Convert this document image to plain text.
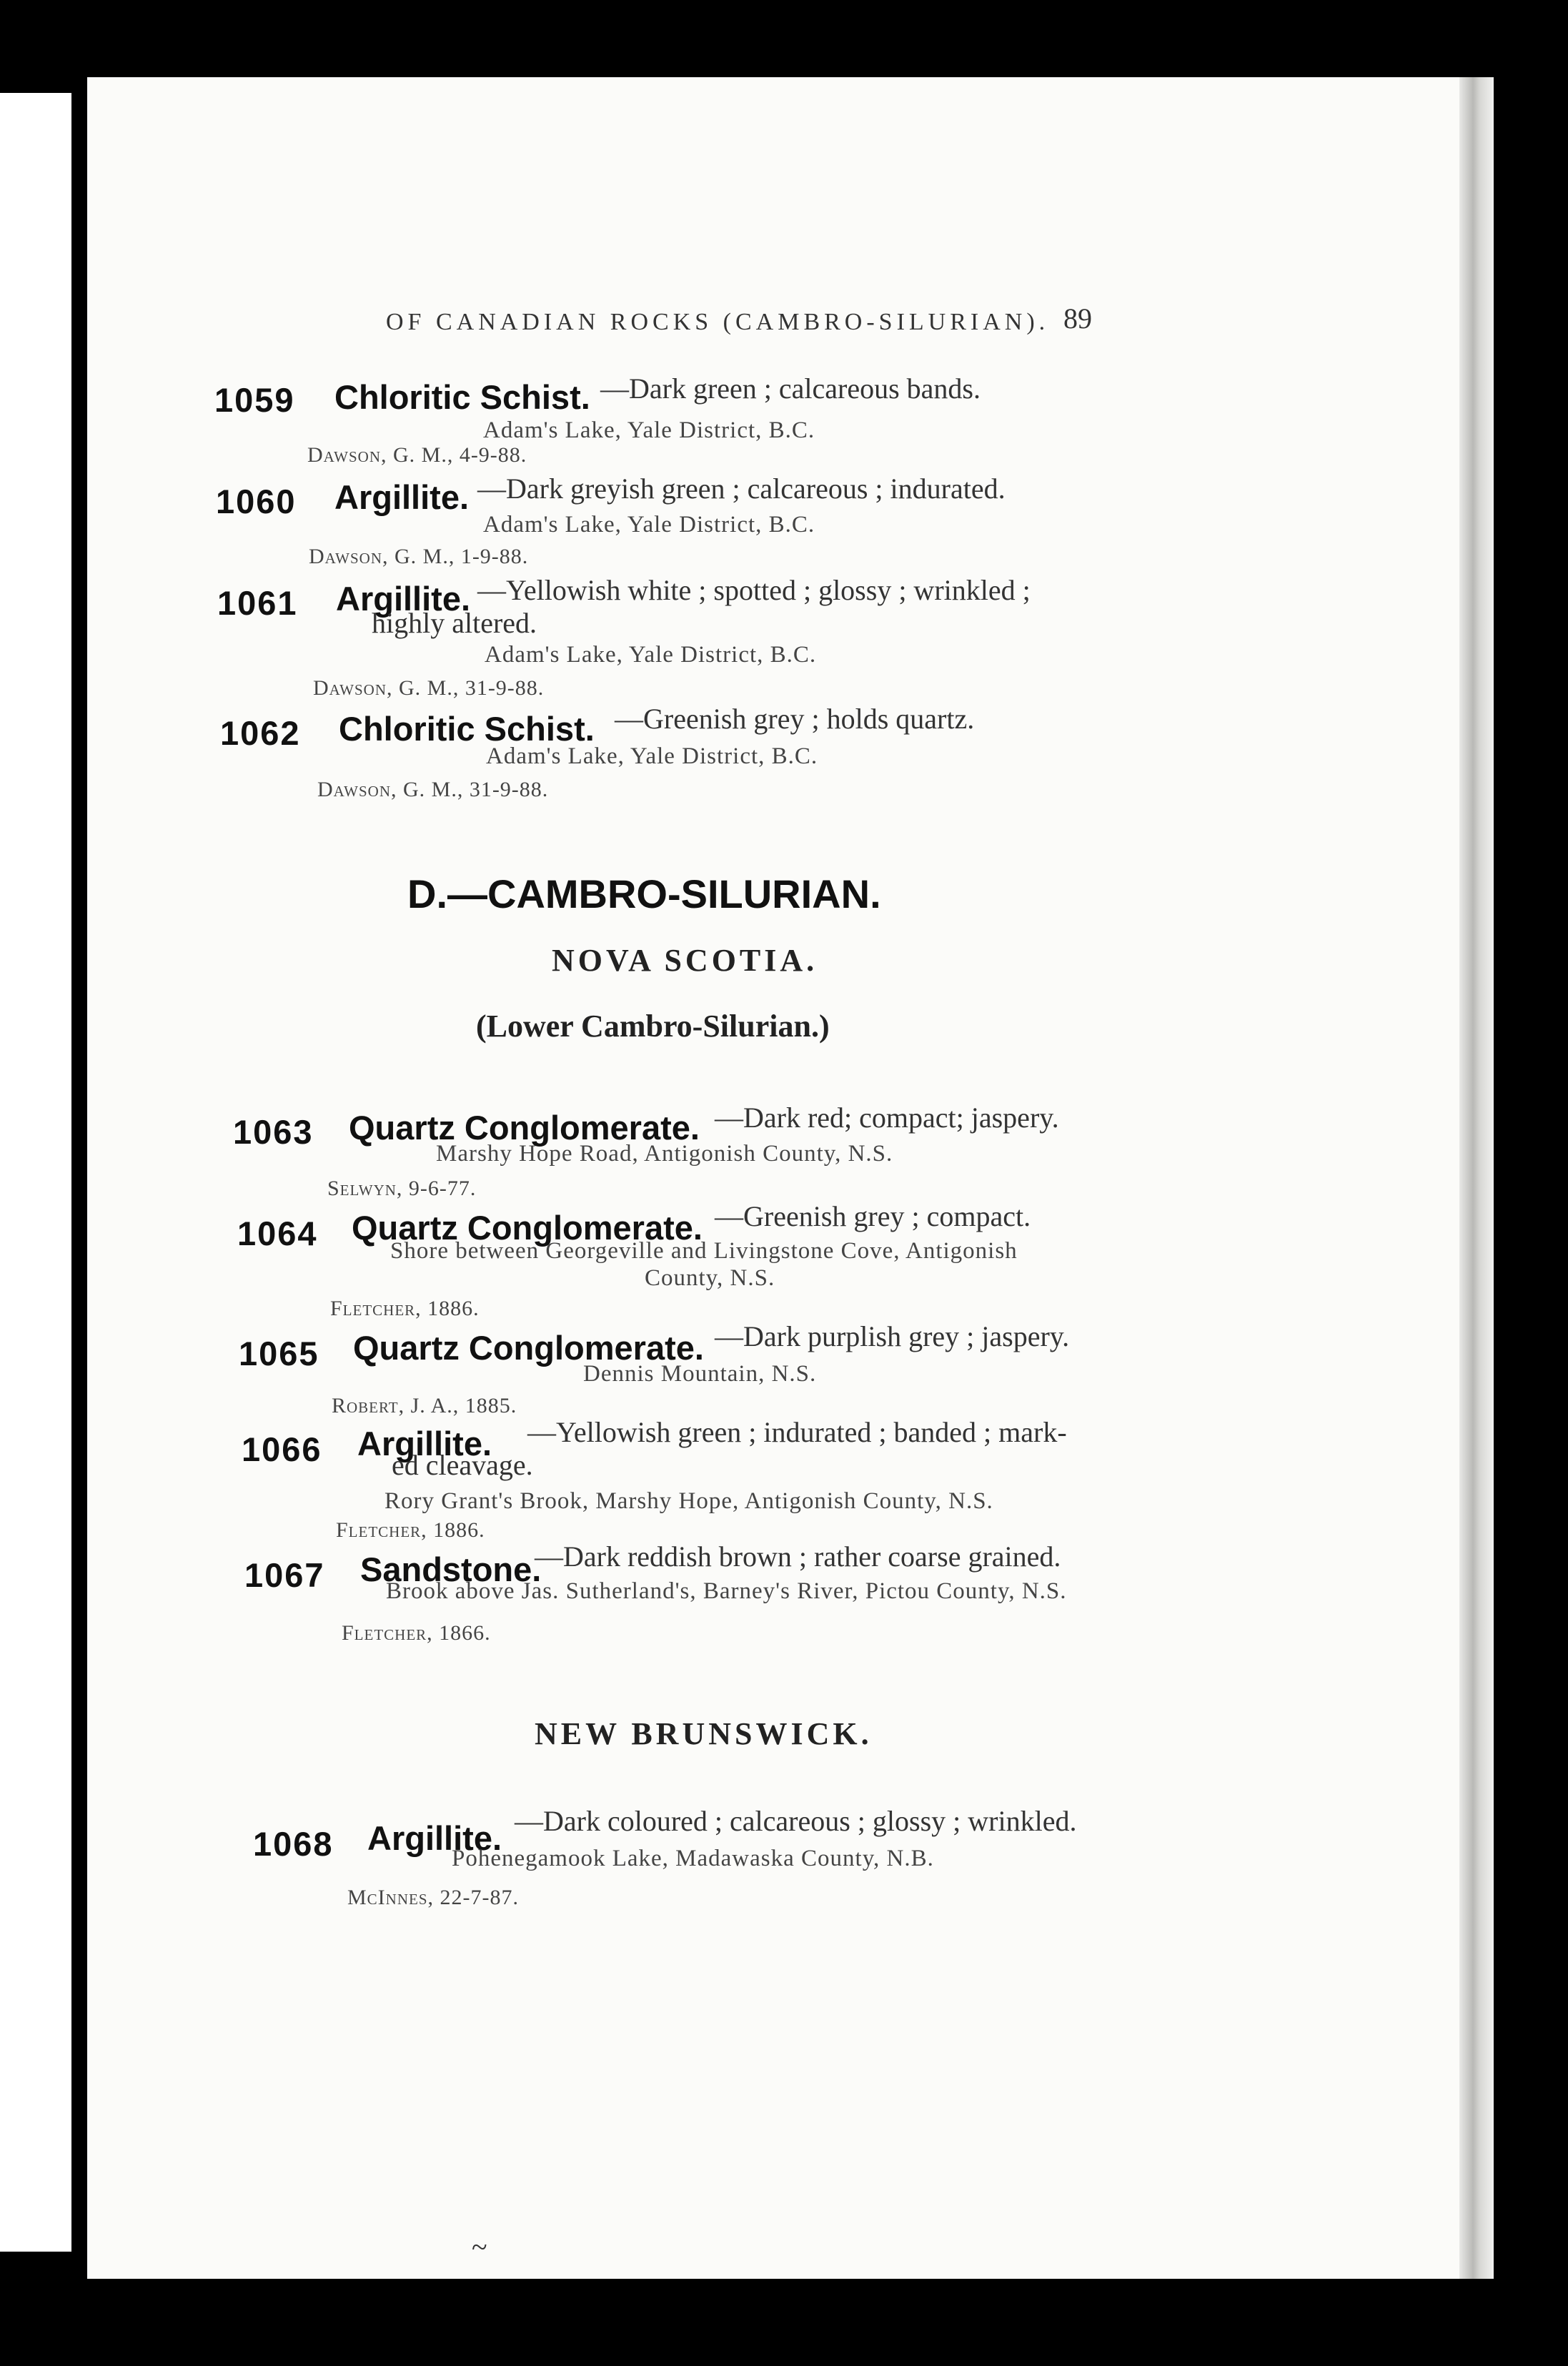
OF CANADIAN ROCKS (CAMBRO-SILURIAN). 89
1059 Chloritic Schist. —Dark green ; calcareous bands.
Adam's Lake, Yale District, B.C.
Dawson, G. M., 4-9-88.
1060 Argillite. —Dark greyish green ; calcareous ; indurated.
Adam's Lake, Yale District, B.C.
Dawson, G. M., 1-9-88.
1061 Argillite. —Yellowish white ; spotted ; glossy ; wrinkled ;
highly altered.
Adam's Lake, Yale District, B.C.
Dawson, G. M., 31-9-88.
1062 Chloritic Schist. —Greenish grey ; holds quartz.
Adam's Lake, Yale District, B.C.
Dawson, G. M., 31-9-88.
D.—CAMBRO-SILURIAN.
NOVA SCOTIA.
(Lower Cambro-Silurian.)
1063 Quartz Conglomerate. —Dark red; compact; jaspery.
Marshy Hope Road, Antigonish County, N.S.
Selwyn, 9-6-77.
1064 Quartz Conglomerate. —Greenish grey ; compact.
Shore between Georgeville and Livingstone Cove, Antigonish
County, N.S.
Fletcher, 1886.
1065 Quartz Conglomerate. —Dark purplish grey ; jaspery.
Dennis Mountain, N.S.
Robert, J. A., 1885.
1066 Argillite. —Yellowish green ; indurated ; banded ; mark-
ed cleavage.
Rory Grant's Brook, Marshy Hope, Antigonish County, N.S.
Fletcher, 1886.
1067 Sandstone.
—Dark reddish brown ; rather coarse grained.
Brook above Jas. Sutherland's, Barney's River, Pictou County, N.S.
Fletcher, 1866.
NEW BRUNSWICK.
1068 Argillite. —Dark coloured ; calcareous ; glossy ; wrinkled.
Pohenegamook Lake, Madawaska County, N.B.
McInnes, 22-7-87.
~
